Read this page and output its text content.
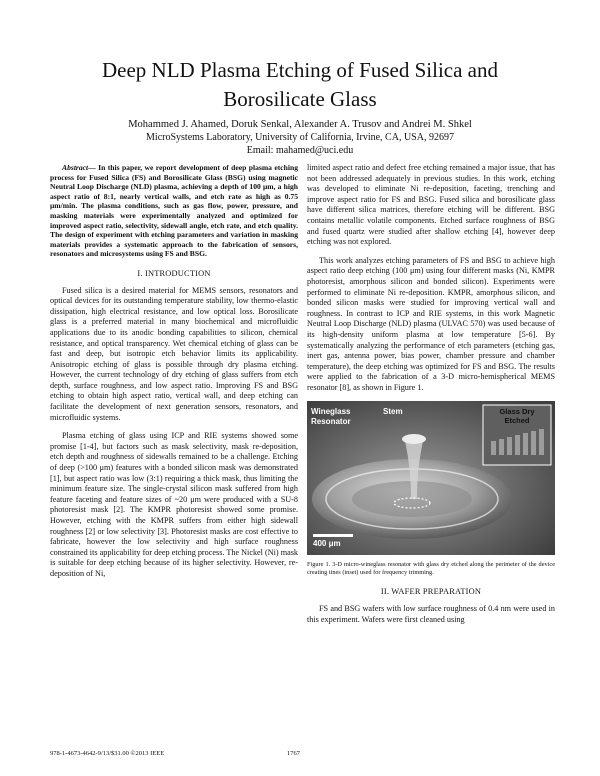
Deep NLD Plasma Etching of Fused Silica and
Borosilicate Glass

Mohammed J. Ahamed, Doruk Senkal, Alexander A. Trusov and Andrei M. Shkel

MicroSystems Laboratory, University of California, Irvine, CA, USA, 92697

Email: mahamed@uci.edu

Abstract— In this paper, we report development of deep plasma etching process for Fused Silica (FS) and Borosilicate Glass (BSG) using magnetic Neutral Loop Discharge (NLD) plasma, achieving a depth of 100 μm, a high aspect ratio of 8:1, nearly vertical walls, and etch rate as high as 0.75 μm/min. The plasma conditions, such as gas flow, power, pressure, and masking materials were experimentally analyzed and optimized for improved aspect ratio, selectivity, sidewall angle, etch rate, and etch quality. The design of experiment with etching parameters and variation in masking materials provides a systematic approach to the fabrication of sensors, resonators and microsystems using FS and BSG.

I. INTRODUCTION

Fused silica is a desired material for MEMS sensors, resonators and optical devices for its outstanding temperature stability, low thermo-elastic dissipation, high electrical resistance, and low optical loss. Borosilicate glass is a preferred material in many biochemical and microfluidic applications due to its anodic bonding capabilities to silicon, chemical resistance, and optical transparency. Wet chemical etching of glass can be fast and deep, but isotropic etch behavior limits its applicability. Anisotropic etching of glass is possible through dry plasma etching. However, the current technology of dry etching of glass suffers from etch depth, surface roughness, and low aspect ratio. Improving FS and BSG etching to obtain high aspect ratio, vertical wall, and deep etching can facilitate the development of next generation sensors, resonators, and microfluidic systems.

Plasma etching of glass using ICP and RIE systems showed some promise [1-4], but factors such as mask selectivity, mask re-deposition, etch depth and roughness of sidewalls remained to be a challenge. Etching of deep (>100 μm) features with a bonded silicon mask was demonstrated [1], but aspect ratio was low (3:1) requiring a thick mask, thus limiting the minimum feature size. The single-crystal silicon mask suffered from high feature faceting and feature sizes of ~20 μm were produced with a SU-8 photoresist mask [2]. The KMPR photoresist showed some promise. However, etching with the KMPR suffers from either high sidewall roughness [2] or low selectivity [3]. Photoresist masks are cost effective to fabricate, however the low selectivity and high surface roughness constrained its applicability for deep etching process. The Nickel (Ni) mask is suitable for deep etching because of its higher selectivity. However, re-deposition of Ni,

limited aspect ratio and defect free etching remained a major issue, that has not been addressed adequately in previous studies. In this work, etching was developed to eliminate Ni re-deposition, faceting, trenching and improve aspect ratio for FS and BSG. Fused silica and borosilicate glass have different silica matrices, therefore etching will be different. BSG contains metallic volatile components. Etched surface roughness of BSG and fused quartz were studied after shallow etching [4], however deep etching was not explored.

This work analyzes etching parameters of FS and BSG to achieve high aspect ratio deep etching (100 μm) using four different masks (Ni, KMPR photoresist, amorphous silicon and bonded silicon). Experiments were performed to eliminate Ni re-deposition. KMPR, amorphous silicon, and bonded silicon masks were studied for improving vertical wall and roughness. In contrast to ICP and RIE systems, in this work Magnetic Neutral Loop Discharge (NLD) plasma (ULVAC 570) was used because of its high-density uniform plasma at low temperature [5-6]. By systematically analyzing the performance of etch parameters (etching gas, inert gas, antenna power, bias power, chamber pressure and chamber temperature), the deep etching was optimized for FS and BSG. The results were applied to the fabrication of a 3-D micro-hemispherical MEMS resonator [8], as shown in Figure 1.

Wineglass Resonator
Stem	Glass Dry Etched
400 μm

Figure 1. 3-D micro-wineglass resonator with glass dry etched along the perimeter of the device creating tines (inset) used for frequency trimming.

II. WAFER PREPARATION

FS and BSG wafers with low surface roughness of 0.4 nm were used in this experiment. Wafers were first cleaned using

978-1-4673-4642-9/13/$31.00 ©2013 IEEE	1767
